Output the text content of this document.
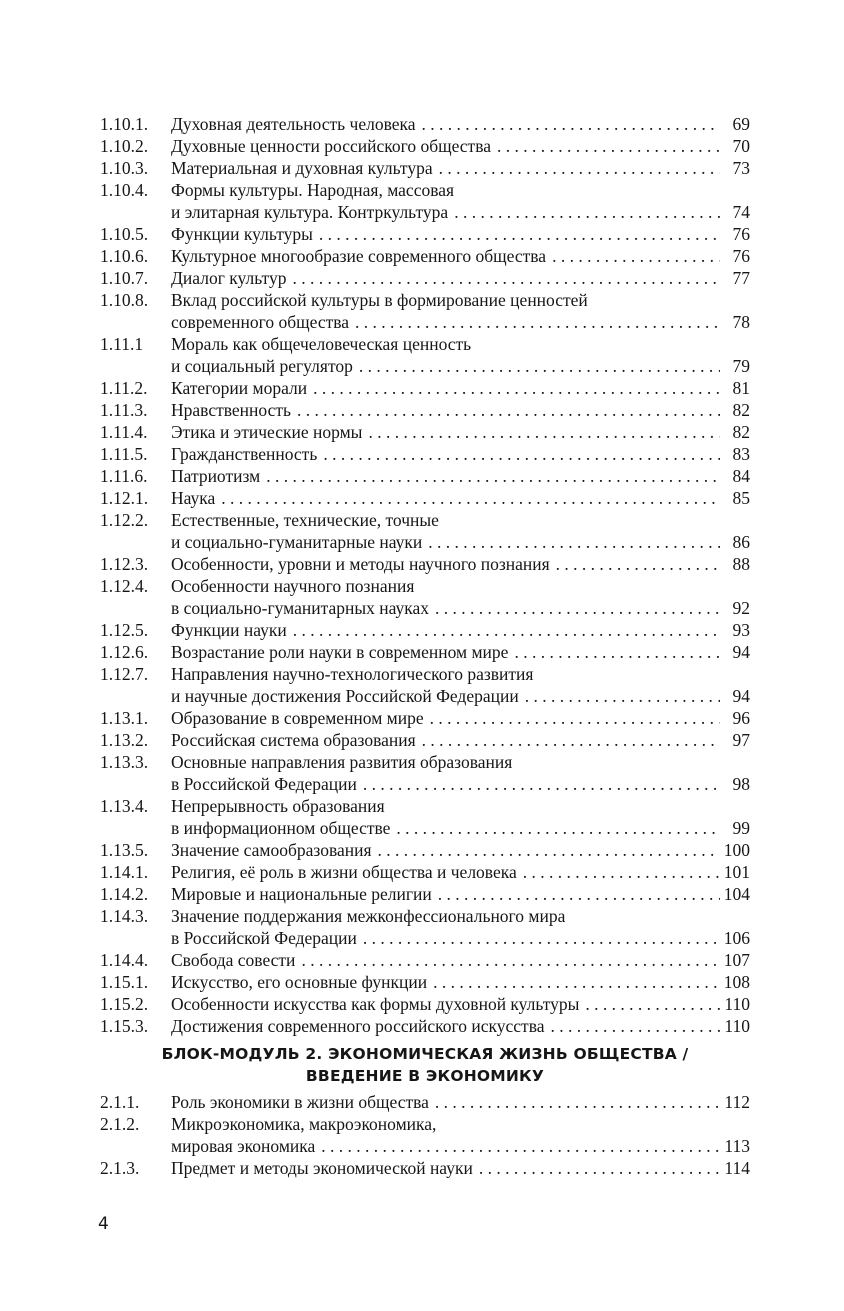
1.10.1.	Духовная деятельность человека . . .	69
1.10.2.	Духовные ценности российского общества . . .	70
1.10.3.	Материальная и духовная культура . . .	73
1.10.4.	Формы культуры. Народная, массовая
и элитарная культура. Контркультура . . .	74
1.10.5.	Функции культуры . . .	76
1.10.6.	Культурное многообразие современного общества . . .	76
1.10.7.	Диалог культур . . .	77
1.10.8.	Вклад российской культуры в формирование ценностей
современного общества . . .	78
1.11.1	Мораль как общечеловеческая ценность
и социальный регулятор . . .	79
1.11.2.	Категории морали . . .	81
1.11.3.	Нравственность . . .	82
1.11.4.	Этика и этические нормы . . .	82
1.11.5.	Гражданственность . . .	83
1.11.6.	Патриотизм . . .	84
1.12.1.	Наука . . .	85
1.12.2.	Естественные, технические, точные
и социально-гуманитарные науки . . .	86
1.12.3.	Особенности, уровни и методы научного познания . . .	88
1.12.4.	Особенности научного познания
в социально-гуманитарных науках . . .	92
1.12.5.	Функции науки . . .	93
1.12.6.	Возрастание роли науки в современном мире . . .	94
1.12.7.	Направления научно-технологического развития
и научные достижения Российской Федерации . . .	94
1.13.1.	Образование в современном мире . . .	96
1.13.2.	Российская система образования . . .	97
1.13.3.	Основные направления развития образования
в Российской Федерации . . .	98
1.13.4.	Непрерывность образования
в информационном обществе . . .	99
1.13.5.	Значение самообразования . . .	100
1.14.1.	Религия, её роль в жизни общества и человека . . .	101
1.14.2.	Мировые и национальные религии . . .	104
1.14.3.	Значение поддержания межконфессионального мира
в Российской Федерации . . .	106
1.14.4.	Свобода совести . . .	107
1.15.1.	Искусство, его основные функции . . .	108
1.15.2.	Особенности искусства как формы духовной культуры . . .	110
1.15.3.	Достижения современного российского искусства . . .	110
БЛОК-МОДУЛЬ 2. ЭКОНОМИЧЕСКАЯ ЖИЗНЬ ОБЩЕСТВА /
ВВЕДЕНИЕ В ЭКОНОМИКУ
2.1.1.	Роль экономики в жизни общества . . .	112
2.1.2.	Микроэкономика, макроэкономика,
мировая экономика . . .	113
2.1.3.	Предмет и методы экономической науки . . .	114
4
